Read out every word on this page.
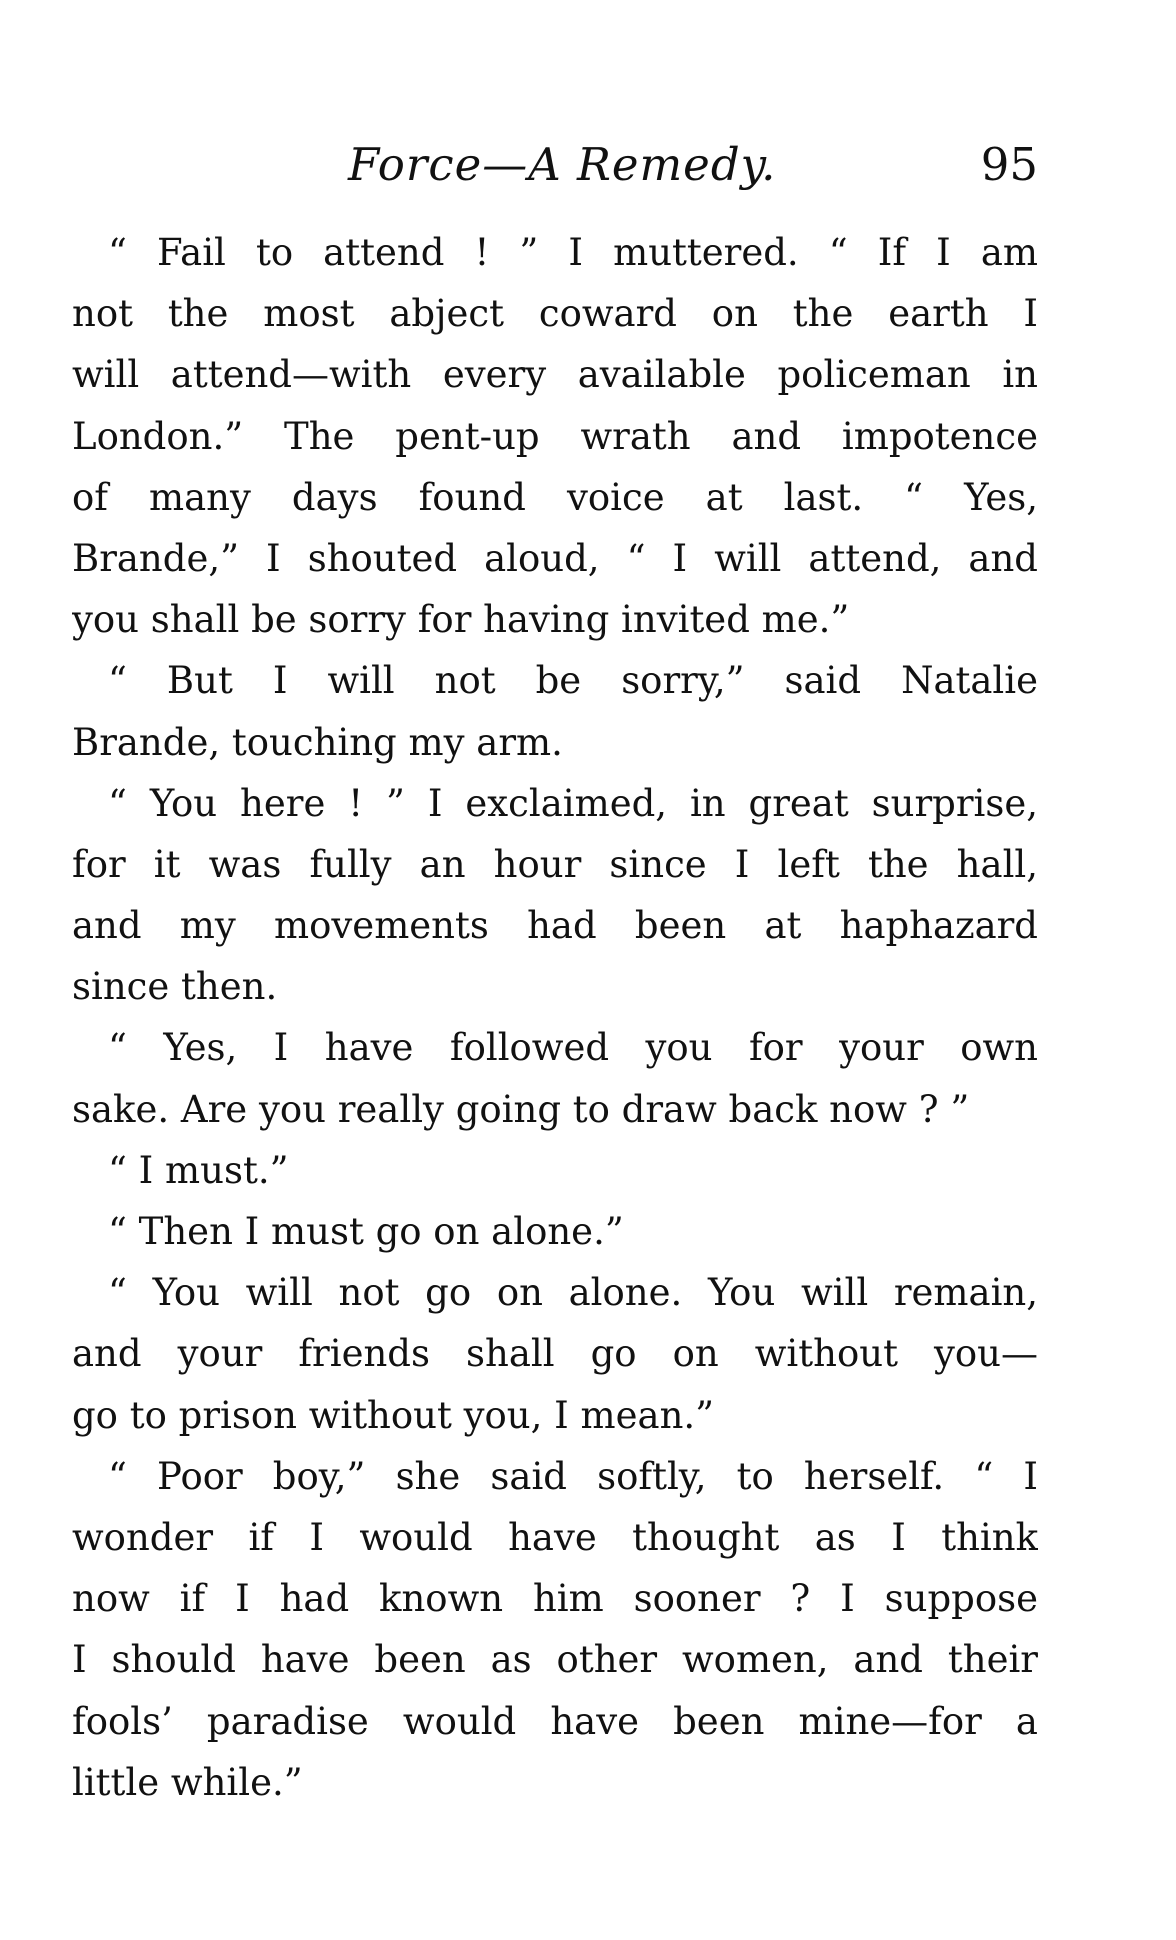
Force—A Remedy.	95
“ Fail to attend ! ” I muttered. “ If I am
not the most abject coward on the earth I
will attend—with every available policeman in
London.” The pent-up wrath and impotence
of many days found voice at last. “ Yes,
Brande,” I shouted aloud, “ I will attend, and
you shall be sorry for having invited me.”
“ But I will not be sorry,” said Natalie
Brande, touching my arm.
“ You here ! ” I exclaimed, in great surprise,
for it was fully an hour since I left the hall,
and my movements had been at haphazard
since then.
“ Yes, I have followed you for your own
sake. Are you really going to draw back now ? ”
“ I must.”
“ Then I must go on alone.”
“ You will not go on alone. You will remain,
and your friends shall go on without you—
go to prison without you, I mean.”
“ Poor boy,” she said softly, to herself. “ I
wonder if I would have thought as I think
now if I had known him sooner ? I suppose
I should have been as other women, and their
fools’ paradise would have been mine—for a
little while.”
